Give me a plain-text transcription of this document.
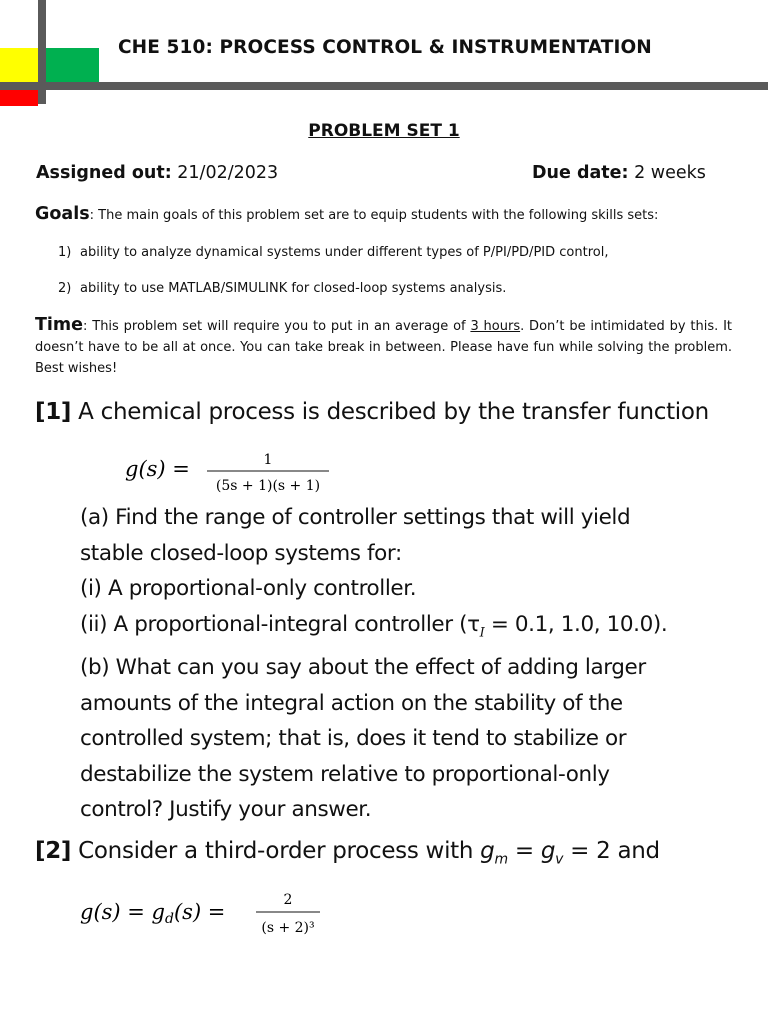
CHE 510: PROCESS CONTROL & INSTRUMENTATION
PROBLEM SET 1
Assigned out: 21/02/2023	Due date: 2 weeks
Goals: The main goals of this problem set are to equip students with the following skills sets:
1) ability to analyze dynamical systems under different types of P/PI/PD/PID control,
2) ability to use MATLAB/SIMULINK for closed-loop systems analysis.
Time: This problem set will require you to put in an average of 3 hours. Don’t be intimidated by this. It doesn’t have to be all at once. You can take break in between. Please have fun while solving the problem. Best wishes!
[1] A chemical process is described by the transfer function
g(s) =	1
(5s + 1)(s + 1)
(a) Find the range of controller settings that will yield
stable closed-loop systems for:
(i) A proportional-only controller.
(ii) A proportional-integral controller ($\tau_I = 0.1$, 1.0, 10.0).
(b) What can you say about the effect of adding larger
amounts of the integral action on the stability of the
controlled system; that is, does it tend to stabilize or
destabilize the system relative to proportional-only
control? Justify your answer.
[2] Consider a third-order process with $g_m = g_v = 2$ and
g(s) = gd(s) =	2
(s + 2)³
